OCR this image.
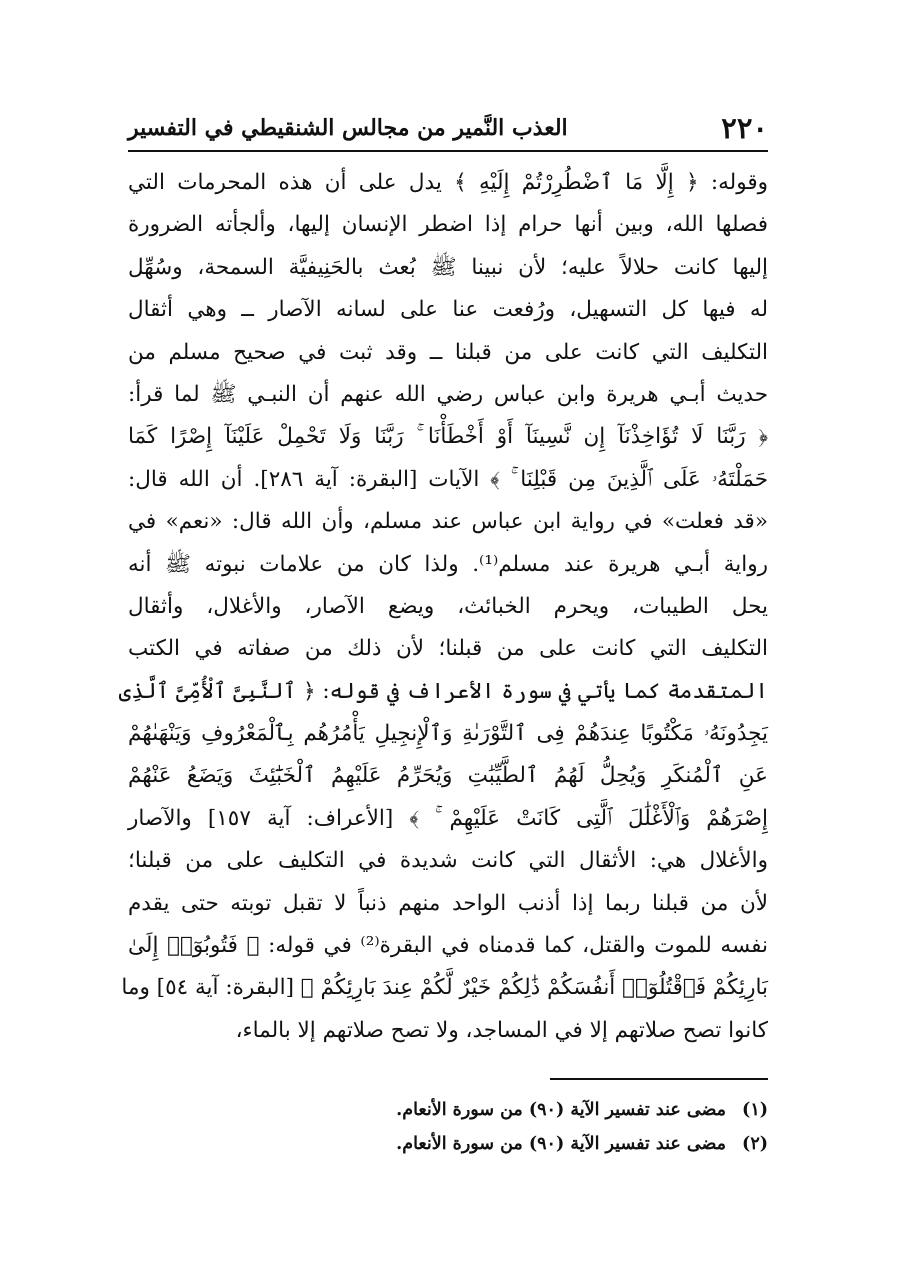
٢٢٠
العذب النَّمير من مجالس الشنقيطي في التفسير
وقوله: ﴿ إِلَّا مَا ٱضْطُرِرْتُمْ إِلَيْهِ ﴾ يدل على أن هذه المحرمات التي
فصلها الله، وبين أنها حرام إذا اضطر الإنسان إليها، وألجأته الضرورة
إليها كانت حلالاً عليه؛ لأن نبينا ﷺ بُعث بالحَنِيفيَّة السمحة، وسُهِّل
له فيها كل التسهيل، ورُفعت عنا على لسانه الآصار ــ وهي أثقال
التكليف التي كانت على من قبلنا ــ وقد ثبت في صحيح مسلم من
حديث أبـي هريرة وابن عباس رضي الله عنهم أن النبـي ﷺ لما قرأ:
﴿ رَبَّنَا لَا تُؤَاخِذْنَآ إِن نَّسِينَآ أَوْ أَخْطَأْنَا ۚ رَبَّنَا وَلَا تَحْمِلْ عَلَيْنَآ إِصْرًا كَمَا
حَمَلْتَهُۥ عَلَى ٱلَّذِينَ مِن قَبْلِنَا ۚ ﴾ الآيات [البقرة: آية ٢٨٦]. أن الله قال:
«قد فعلت» في رواية ابن عباس عند مسلم، وأن الله قال: «نعم» في
رواية أبـي هريرة عند مسلم⁽¹⁾. ولذا كان من علامات نبوته ﷺ أنه
يحل الطيبات، ويحرم الخبائث، ويضع الآصار، والأغلال، وأثقال
التكليف التي كانت على من قبلنا؛ لأن ذلك من صفاته في الكتب
المتقدمة كما يأتي في سورة الأعراف في قوله: ﴿ ٱلنَّبِىَّ ٱلْأُمِّىَّ ٱلَّذِى
يَجِدُونَهُۥ مَكْتُوبًا عِندَهُمْ فِى ٱلتَّوْرَىٰةِ وَٱلْإِنجِيلِ يَأْمُرُهُم بِٱلْمَعْرُوفِ وَيَنْهَىٰهُمْ
عَنِ ٱلْمُنكَرِ وَيُحِلُّ لَهُمُ ٱلطَّيِّبَٰتِ وَيُحَرِّمُ عَلَيْهِمُ ٱلْخَبَٰٓئِثَ وَيَضَعُ عَنْهُمْ
إِصْرَهُمْ وَٱلْأَغْلَٰلَ ٱلَّتِى كَانَتْ عَلَيْهِمْ ۚ ﴾ [الأعراف: آية ١٥٧] والآصار
والأغلال هي: الأثقال التي كانت شديدة في التكليف على من قبلنا؛
لأن من قبلنا ربما إذا أذنب الواحد منهم ذنباً لا تقبل توبته حتى يقدم
نفسه للموت والقتل، كما قدمناه في البقرة⁽²⁾ في قوله: ﴿ فَتُوبُوٓا۟ إِلَىٰ
بَارِئِكُمْ فَٱقْتُلُوٓا۟ أَنفُسَكُمْ ذَٰلِكُمْ خَيْرٌ لَّكُمْ عِندَ بَارِئِكُمْ ﴾ [البقرة: آية ٥٤] وما
كانوا تصح صلاتهم إلا في المساجد، ولا تصح صلاتهم إلا بالماء،
(١)مضى عند تفسير الآية (٩٠) من سورة الأنعام.
(٢)مضى عند تفسير الآية (٩٠) من سورة الأنعام.
